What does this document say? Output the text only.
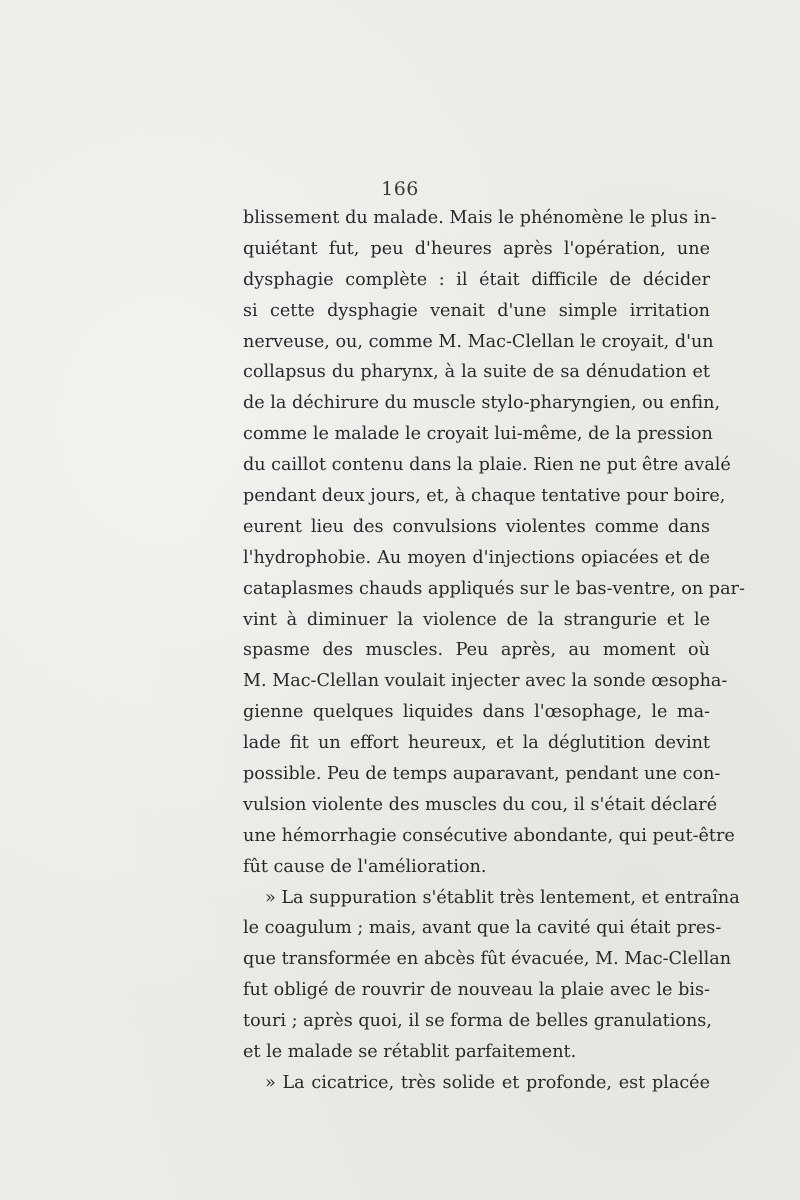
166
blissement du malade. Mais le phénomène le plus in-
quiétant fut, peu d'heures après l'opération, une
dysphagie complète : il était difficile de décider
si cette dysphagie venait d'une simple irritation
nerveuse, ou, comme M. Mac-Clellan le croyait, d'un
collapsus du pharynx, à la suite de sa dénudation et
de la déchirure du muscle stylo-pharyngien, ou enfin,
comme le malade le croyait lui-même, de la pression
du caillot contenu dans la plaie. Rien ne put être avalé
pendant deux jours, et, à chaque tentative pour boire,
eurent lieu des convulsions violentes comme dans
l'hydrophobie. Au moyen d'injections opiacées et de
cataplasmes chauds appliqués sur le bas-ventre, on par-
vint à diminuer la violence de la strangurie et le
spasme des muscles. Peu après, au moment où
M. Mac-Clellan voulait injecter avec la sonde œsopha-
gienne quelques liquides dans l'œsophage, le ma-
lade fit un effort heureux, et la déglutition devint
possible. Peu de temps auparavant, pendant une con-
vulsion violente des muscles du cou, il s'était déclaré
une hémorrhagie consécutive abondante, qui peut-être
fût cause de l'amélioration.
» La suppuration s'établit très lentement, et entraîna
le coagulum ; mais, avant que la cavité qui était pres-
que transformée en abcès fût évacuée, M. Mac-Clellan
fut obligé de rouvrir de nouveau la plaie avec le bis-
touri ; après quoi, il se forma de belles granulations,
et le malade se rétablit parfaitement.
» La cicatrice, très solide et profonde, est placée
